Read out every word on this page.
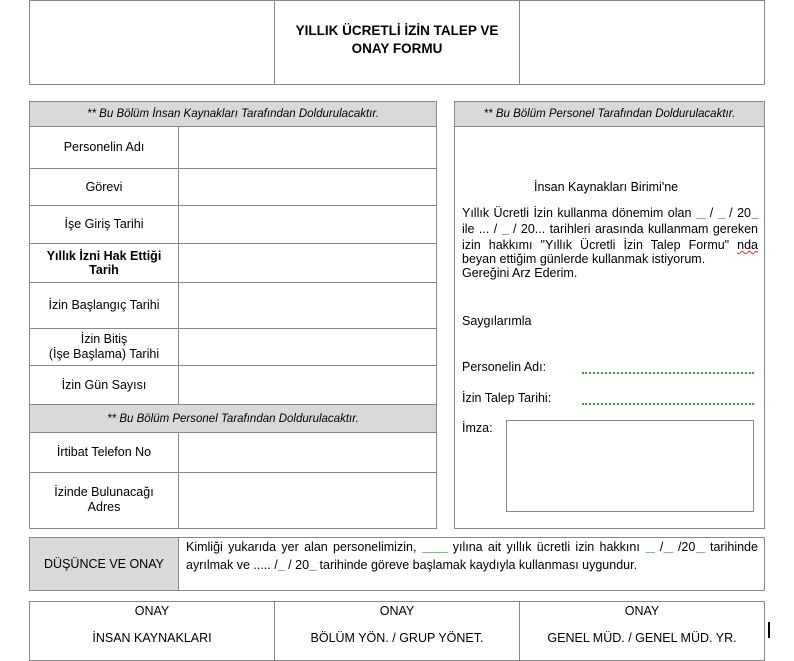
YILLIK ÜCRETLİ İZİN TALEP VE
ONAY FORMU
** Bu Bölüm İnsan Kaynakları Tarafından Doldurulacaktır.
Personelin Adı
Görevi
İşe Giriş Tarihi
Yıllık İzni Hak Ettiği Tarih
İzin Başlangıç Tarihi
İzin Bitiş
(İşe Başlama) Tarihi
İzin Gün Sayısı
** Bu Bölüm Personel Tarafından Doldurulacaktır.
İrtibat Telefon No
İzinde Bulunacağı
Adres
** Bu Bölüm Personel Tarafından Doldurulacaktır.
İnsan Kaynakları Birimi'ne

Yıllık Ücretli İzin kullanma dönemim olan ˍˍˍˍ / ˍˍˍ / 20ˍˍˍ ile ... / ˍˍˍ / 20... tarihleri arasında kullanmam gereken izin hakkımı "Yıllık Ücretli İzin Talep Formu" nda beyan ettiğim günlerde kullanmak istiyorum.

Gereğini Arz Ederim.
Saygılarımla
Personelin Adı:
İzin Talep Tarihi:
İmza:
DÜŞÜNCE VE ONAY

Kimliği yukarıda yer alan personelimizin, ˍˍˍˍˍˍˍˍˍˍˍ yılına ait yıllık ücretli izin hakkını ˍˍˍˍ /ˍˍˍˍ /20ˍˍˍˍ tarihinde ayrılmak ve ..... /ˍˍˍ / 20ˍˍˍ tarihinde göreve başlamak kaydıyla kullanması uygundur.

ONAY
İNSAN KAYNAKLARI
ONAY
BÖLÜM YÖN. / GRUP YÖNET.
ONAY
GENEL MÜD. / GENEL MÜD. YR.
